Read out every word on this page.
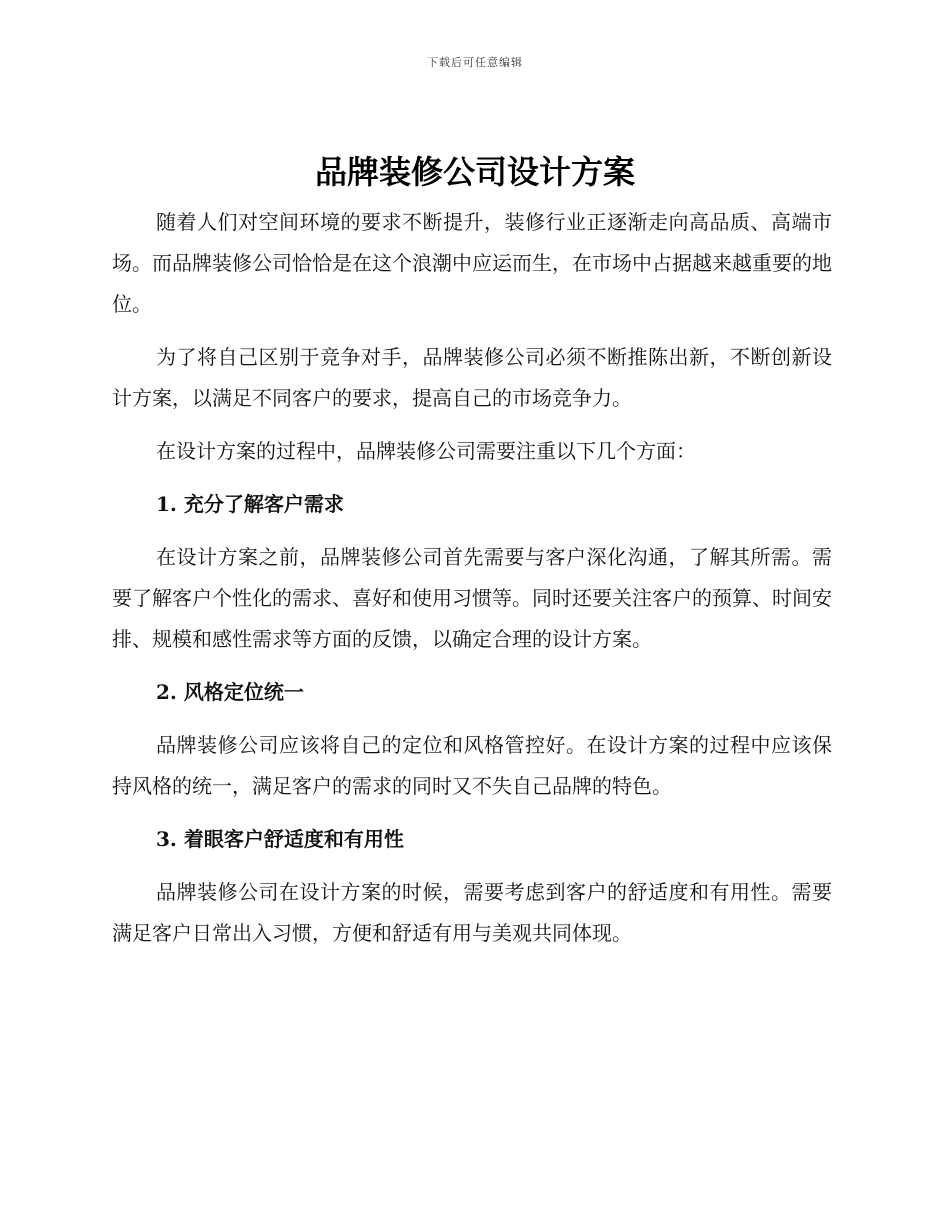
下载后可任意编辑
品牌装修公司设计方案

随着人们对空间环境的要求不断提升，装修行业正逐渐走向高品质、高端市场。而品牌装修公司恰恰是在这个浪潮中应运而生，在市场中占据越来越重要的地位。

为了将自己区别于竞争对手，品牌装修公司必须不断推陈出新，不断创新设计方案，以满足不同客户的要求，提高自己的市场竞争力。

在设计方案的过程中，品牌装修公司需要注重以下几个方面：

1. 充分了解客户需求

在设计方案之前，品牌装修公司首先需要与客户深化沟通，了解其所需。需要了解客户个性化的需求、喜好和使用习惯等。同时还要关注客户的预算、时间安排、规模和感性需求等方面的反馈，以确定合理的设计方案。

2. 风格定位统一

品牌装修公司应该将自己的定位和风格管控好。在设计方案的过程中应该保持风格的统一，满足客户的需求的同时又不失自己品牌的特色。

3. 着眼客户舒适度和有用性

品牌装修公司在设计方案的时候，需要考虑到客户的舒适度和有用性。需要满足客户日常出入习惯，方便和舒适有用与美观共同体现。
